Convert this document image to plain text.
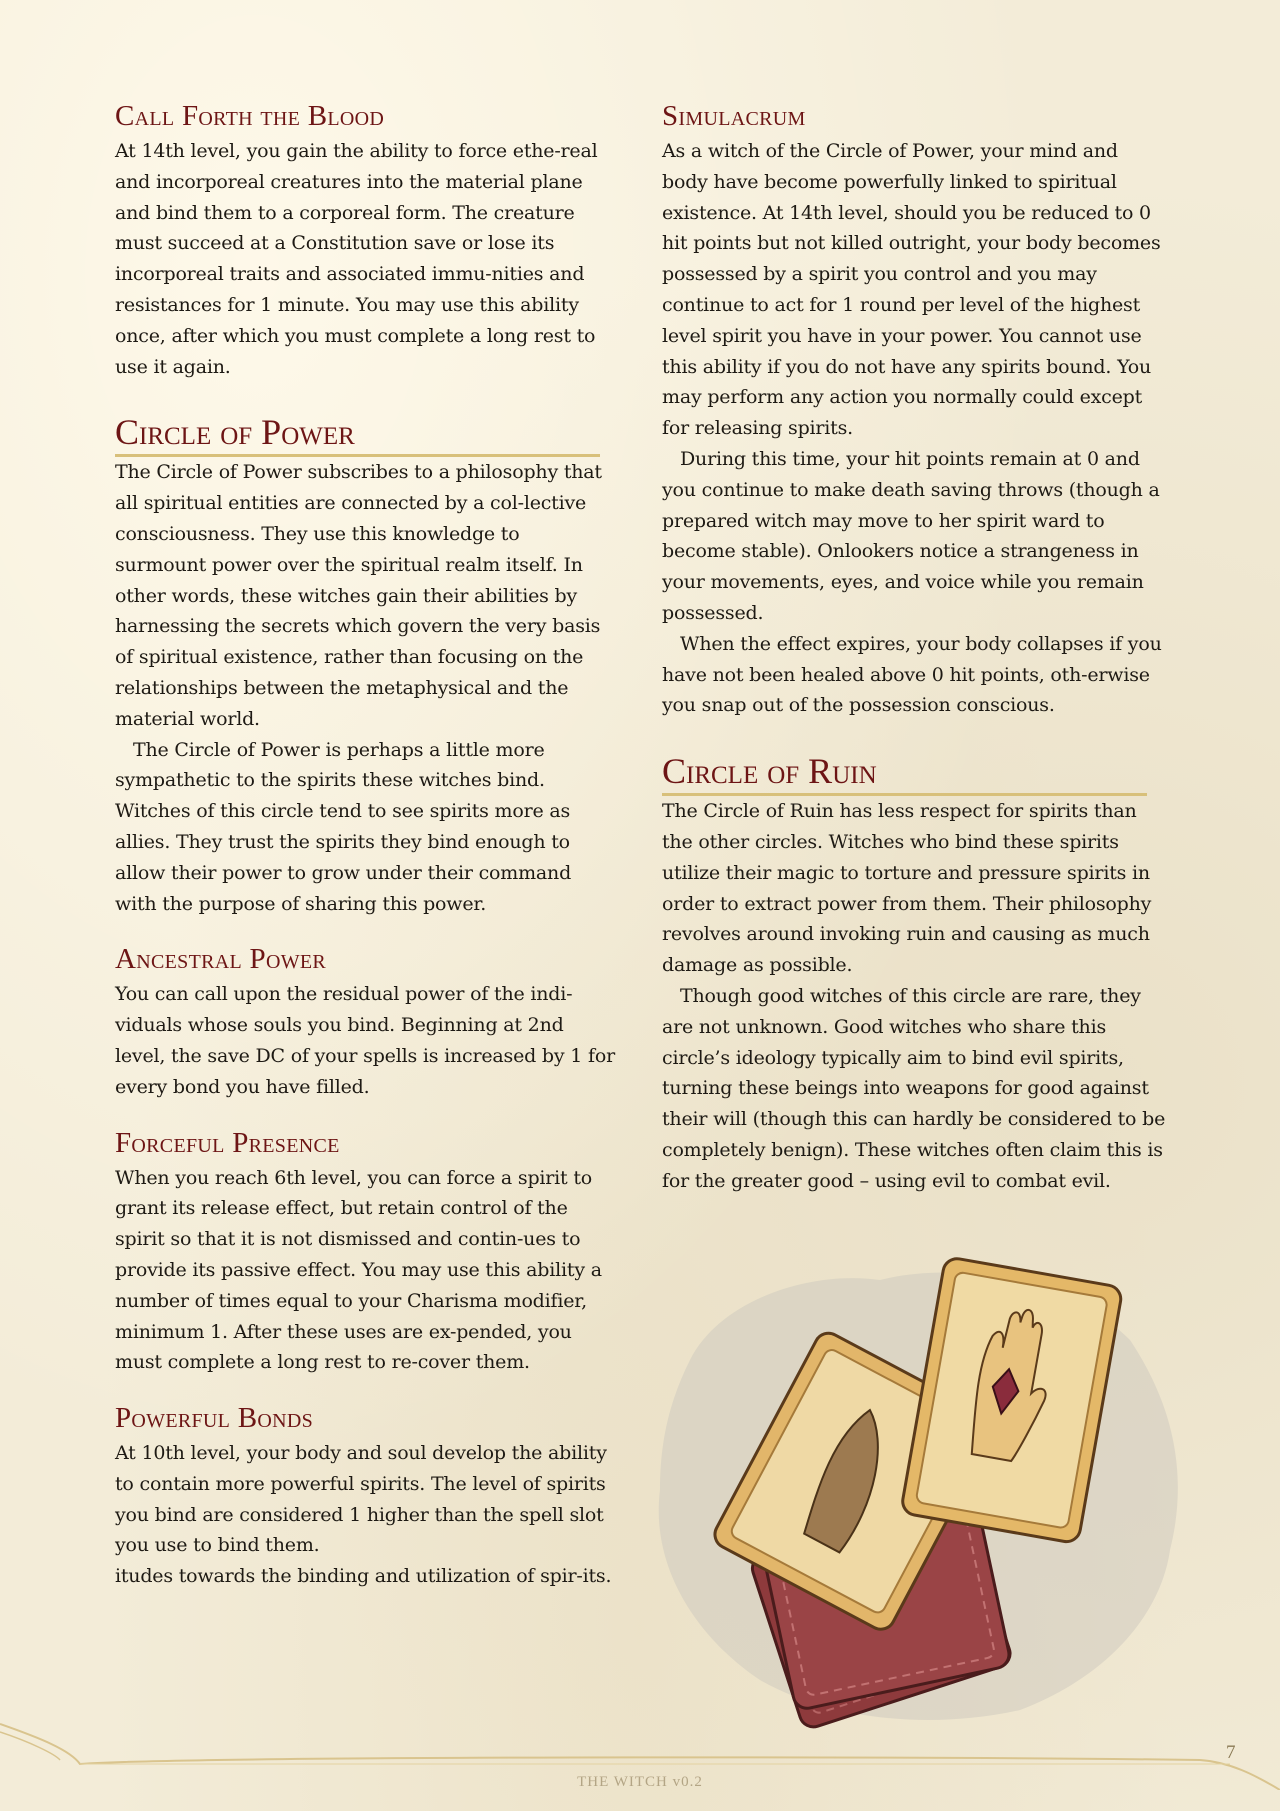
Call Forth the Blood

At 14th level, you gain the ability to force ethe-real and incorporeal creatures into the material plane and bind them to a corporeal form. The creature must succeed at a Constitution save or lose its incorporeal traits and associated immu-nities and resistances for 1 minute. You may use this ability once, after which you must complete a long rest to use it again.

Circle of Power

The Circle of Power subscribes to a philosophy that all spiritual entities are connected by a col-lective consciousness. They use this knowledge to surmount power over the spiritual realm itself. In other words, these witches gain their abilities by harnessing the secrets which govern the very basis of spiritual existence, rather than focusing on the relationships between the metaphysical and the material world.

The Circle of Power is perhaps a little more sympathetic to the spirits these witches bind. Witches of this circle tend to see spirits more as allies. They trust the spirits they bind enough to allow their power to grow under their command with the purpose of sharing this power.

Ancestral Power

You can call upon the residual power of the indi-viduals whose souls you bind. Beginning at 2nd level, the save DC of your spells is increased by 1 for every bond you have filled.

Forceful Presence

When you reach 6th level, you can force a spirit to grant its release effect, but retain control of the spirit so that it is not dismissed and contin-ues to provide its passive effect. You may use this ability a number of times equal to your Charisma modifier, minimum 1. After these uses are ex-pended, you must complete a long rest to re-cover them.

Powerful Bonds

At 10th level, your body and soul develop the ability to contain more powerful spirits. The level of spirits you bind are considered 1 higher than the spell slot you use to bind them.

itudes towards the binding and utilization of spir-its.

Simulacrum

As a witch of the Circle of Power, your mind and body have become powerfully linked to spiritual existence. At 14th level, should you be reduced to 0 hit points but not killed outright, your body becomes possessed by a spirit you control and you may continue to act for 1 round per level of the highest level spirit you have in your power. You cannot use this ability if you do not have any spirits bound. You may perform any action you normally could except for releasing spirits.

During this time, your hit points remain at 0 and you continue to make death saving throws (though a prepared witch may move to her spirit ward to become stable). Onlookers notice a strangeness in your movements, eyes, and voice while you remain possessed.

When the effect expires, your body collapses if you have not been healed above 0 hit points, oth-erwise you snap out of the possession conscious.

Circle of Ruin

The Circle of Ruin has less respect for spirits than the other circles. Witches who bind these spirits utilize their magic to torture and pressure spirits in order to extract power from them. Their philosophy revolves around invoking ruin and causing as much damage as possible.

Though good witches of this circle are rare, they are not unknown. Good witches who share this circle’s ideology typically aim to bind evil spirits, turning these beings into weapons for good against their will (though this can hardly be considered to be completely benign). These witches often claim this is for the greater good – using evil to combat evil.

THE WITCH v0.2
7
